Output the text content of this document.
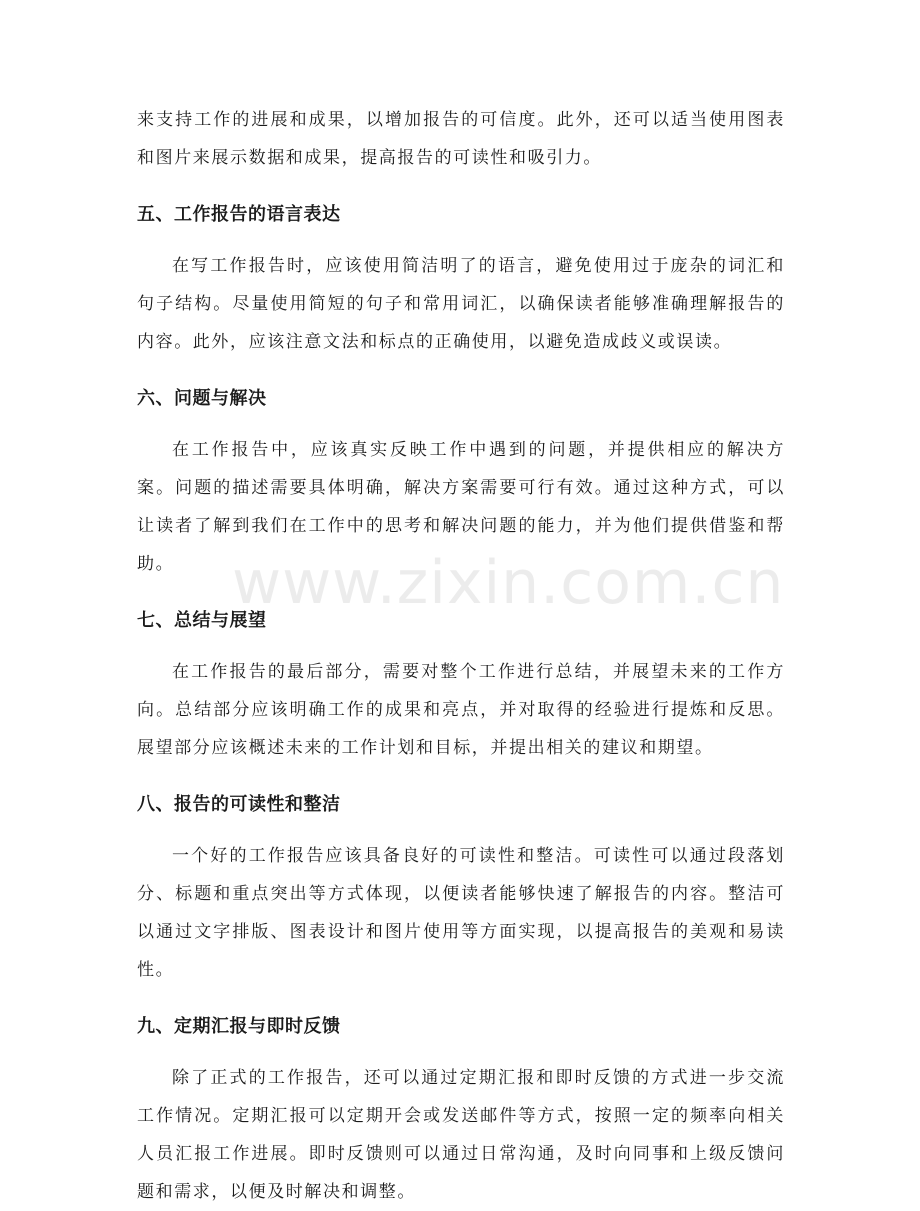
来支持工作的进展和成果，以增加报告的可信度。此外，还可以适当使用图表和图片来展示数据和成果，提高报告的可读性和吸引力。

五、工作报告的语言表达

在写工作报告时，应该使用简洁明了的语言，避免使用过于庞杂的词汇和句子结构。尽量使用简短的句子和常用词汇，以确保读者能够准确理解报告的内容。此外，应该注意文法和标点的正确使用，以避免造成歧义或误读。

六、问题与解决

在工作报告中，应该真实反映工作中遇到的问题，并提供相应的解决方案。问题的描述需要具体明确，解决方案需要可行有效。通过这种方式，可以让读者了解到我们在工作中的思考和解决问题的能力，并为他们提供借鉴和帮助。

七、总结与展望

在工作报告的最后部分，需要对整个工作进行总结，并展望未来的工作方向。总结部分应该明确工作的成果和亮点，并对取得的经验进行提炼和反思。展望部分应该概述未来的工作计划和目标，并提出相关的建议和期望。

八、报告的可读性和整洁

一个好的工作报告应该具备良好的可读性和整洁。可读性可以通过段落划分、标题和重点突出等方式体现，以便读者能够快速了解报告的内容。整洁可以通过文字排版、图表设计和图片使用等方面实现，以提高报告的美观和易读性。

九、定期汇报与即时反馈

除了正式的工作报告，还可以通过定期汇报和即时反馈的方式进一步交流工作情况。定期汇报可以定期开会或发送邮件等方式，按照一定的频率向相关人员汇报工作进展。即时反馈则可以通过日常沟通，及时向同事和上级反馈问题和需求，以便及时解决和调整。

www.zixin.com.cn
